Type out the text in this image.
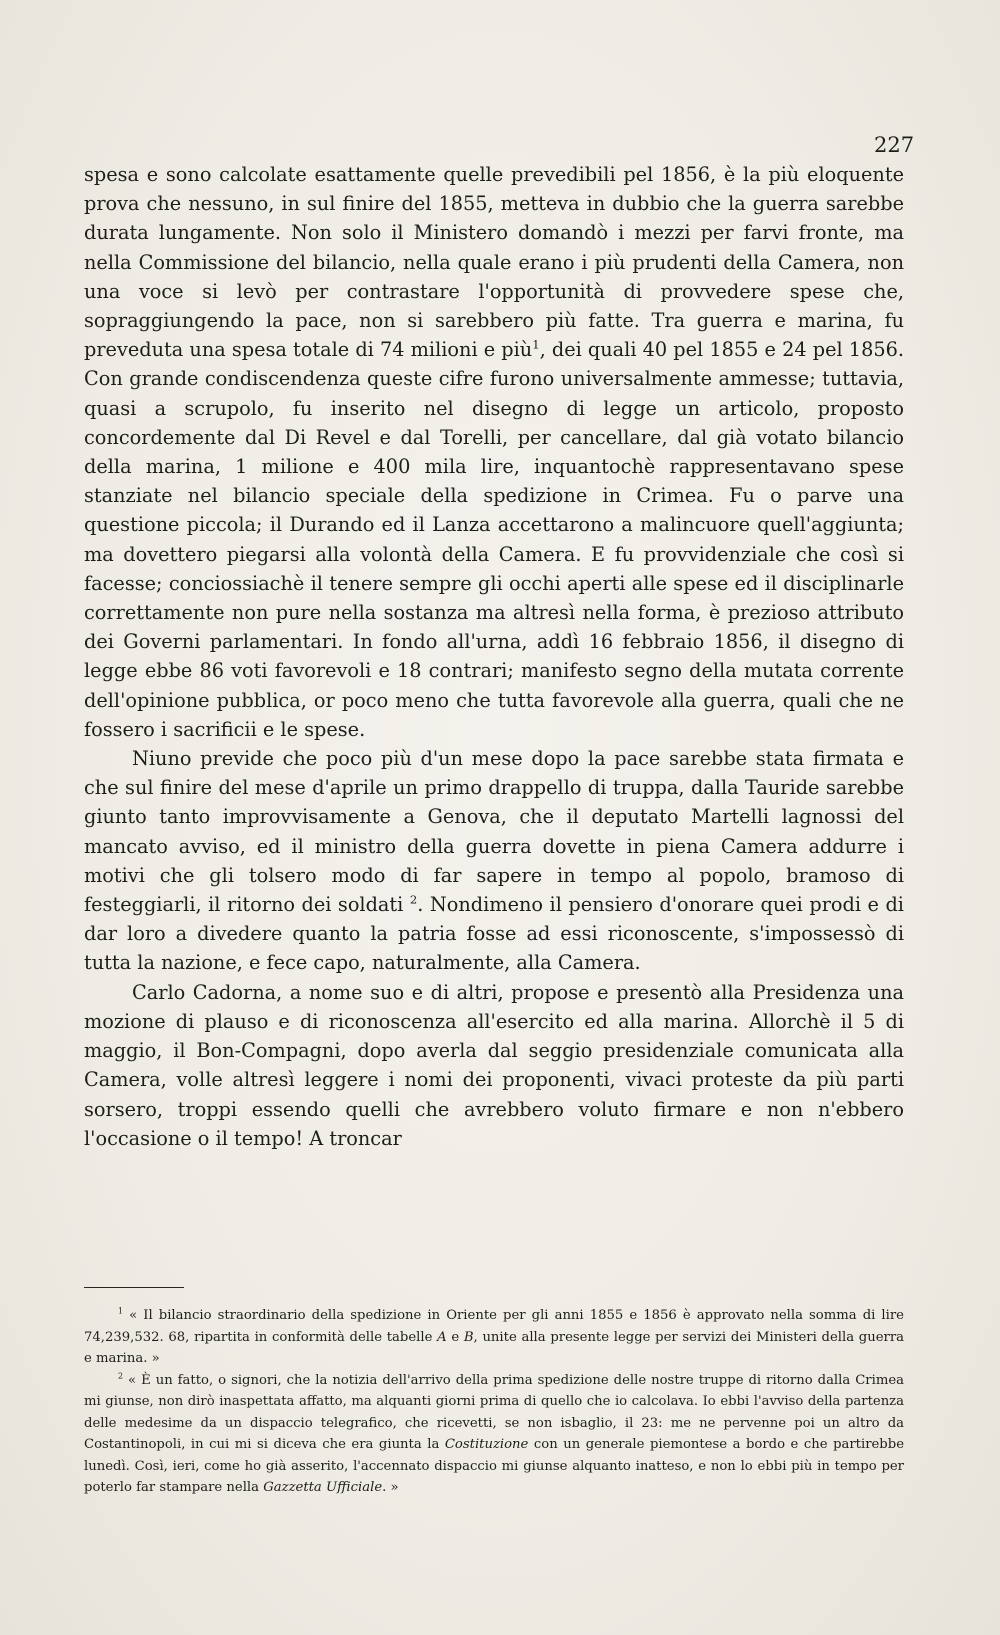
227

spesa e sono calcolate esattamente quelle prevedibili pel 1856, è la più eloquente prova che nessuno, in sul finire del 1855, metteva in dubbio che la guerra sarebbe durata lungamente. Non solo il Ministero domandò i mezzi per farvi fronte, ma nella Commissione del bilancio, nella quale erano i più prudenti della Camera, non una voce si levò per contrastare l'opportunità di provvedere spese che, sopraggiungendo la pace, non si sarebbero più fatte. Tra guerra e marina, fu preveduta una spesa totale di 74 milioni e più$^1$, dei quali 40 pel 1855 e 24 pel 1856. Con grande condiscendenza queste cifre furono universalmente ammesse; tuttavia, quasi a scrupolo, fu inserito nel disegno di legge un articolo, proposto concordemente dal Di Revel e dal Torelli, per cancellare, dal già votato bilancio della marina, 1 milione e 400 mila lire, inquantochè rappresentavano spese stanziate nel bilancio speciale della spedizione in Crimea. Fu o parve una questione piccola; il Durando ed il Lanza accettarono a malincuore quell'aggiunta; ma dovettero piegarsi alla volontà della Camera. E fu provvidenziale che così si facesse; conciossiachè il tenere sempre gli occhi aperti alle spese ed il disciplinarle correttamente non pure nella sostanza ma altresì nella forma, è prezioso attributo dei Governi parlamentari. In fondo all'urna, addì 16 febbraio 1856, il disegno di legge ebbe 86 voti favorevoli e 18 contrari; manifesto segno della mutata corrente dell'opinione pubblica, or poco meno che tutta favorevole alla guerra, quali che ne fossero i sacrificii e le spese.

Niuno previde che poco più d'un mese dopo la pace sarebbe stata firmata e che sul finire del mese d'aprile un primo drappello di truppa, dalla Tauride sarebbe giunto tanto improvvisamente a Genova, che il deputato Martelli lagnossi del mancato avviso, ed il ministro della guerra dovette in piena Camera addurre i motivi che gli tolsero modo di far sapere in tempo al popolo, bramoso di festeggiarli, il ritorno dei soldati $^2$. Nondimeno il pensiero d'onorare quei prodi e di dar loro a divedere quanto la patria fosse ad essi riconoscente, s'impossessò di tutta la nazione, e fece capo, naturalmente, alla Camera.

Carlo Cadorna, a nome suo e di altri, propose e presentò alla Presidenza una mozione di plauso e di riconoscenza all'esercito ed alla marina. Allorchè il 5 di maggio, il Bon-Compagni, dopo averla dal seggio presidenziale comunicata alla Camera, volle altresì leggere i nomi dei proponenti, vivaci proteste da più parti sorsero, troppi essendo quelli che avrebbero voluto firmare e non n'ebbero l'occasione o il tempo! A troncar

$^1$ « Il bilancio straordinario della spedizione in Oriente per gli anni 1855 e 1856 è approvato nella somma di lire 74,239,532. 68, ripartita in conformità delle tabelle A e B, unite alla presente legge per servizi dei Ministeri della guerra e marina. »

$^2$ « È un fatto, o signori, che la notizia dell'arrivo della prima spedizione delle nostre truppe di ritorno dalla Crimea mi giunse, non dirò inaspettata affatto, ma alquanti giorni prima di quello che io calcolava. Io ebbi l'avviso della partenza delle medesime da un dispaccio telegrafico, che ricevetti, se non isbaglio, il 23: me ne pervenne poi un altro da Costantinopoli, in cui mi si diceva che era giunta la Costituzione con un generale piemontese a bordo e che partirebbe lunedì. Così, ieri, come ho già asserito, l'accennato dispaccio mi giunse alquanto inatteso, e non lo ebbi più in tempo per poterlo far stampare nella Gazzetta Ufficiale. »
